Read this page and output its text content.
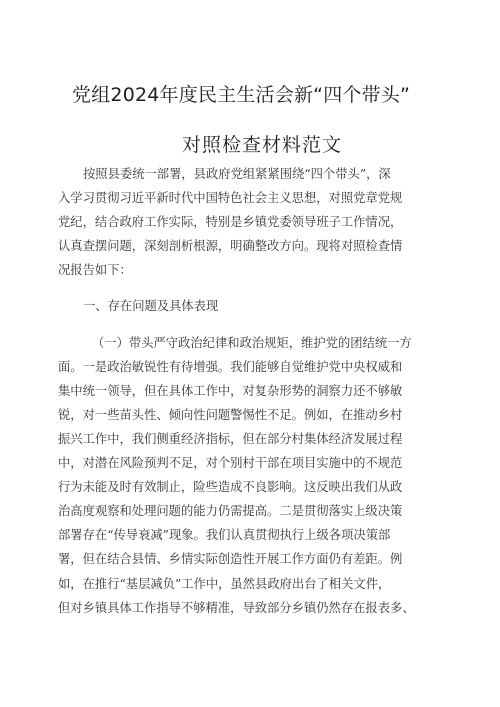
党组2024年度民主生活会新“四个带头”
对照检查材料范文
按照县委统一部署，县政府党组紧紧围绕“四个带头”，深
入学习贯彻习近平新时代中国特色社会主义思想，对照党章党规
党纪，结合政府工作实际，特别是乡镇党委领导班子工作情况，
认真查摆问题，深刻剖析根源，明确整改方向。现将对照检查情
况报告如下：
一、存在问题及具体表现
（一）带头严守政治纪律和政治规矩，维护党的团结统一方
面。一是政治敏锐性有待增强。我们能够自觉维护党中央权威和
集中统一领导，但在具体工作中，对复杂形势的洞察力还不够敏
锐，对一些苗头性、倾向性问题警惕性不足。例如，在推动乡村
振兴工作中，我们侧重经济指标，但在部分村集体经济发展过程
中，对潜在风险预判不足，对个别村干部在项目实施中的不规范
行为未能及时有效制止，险些造成不良影响。这反映出我们从政
治高度观察和处理问题的能力仍需提高。二是贯彻落实上级决策
部署存在“传导衰减”现象。我们认真贯彻执行上级各项决策部
署，但在结合县情、乡情实际创造性开展工作方面仍有差距。例
如，在推行“基层减负”工作中，虽然县政府出台了相关文件，
但对乡镇具体工作指导不够精准，导致部分乡镇仍然存在报表多、
